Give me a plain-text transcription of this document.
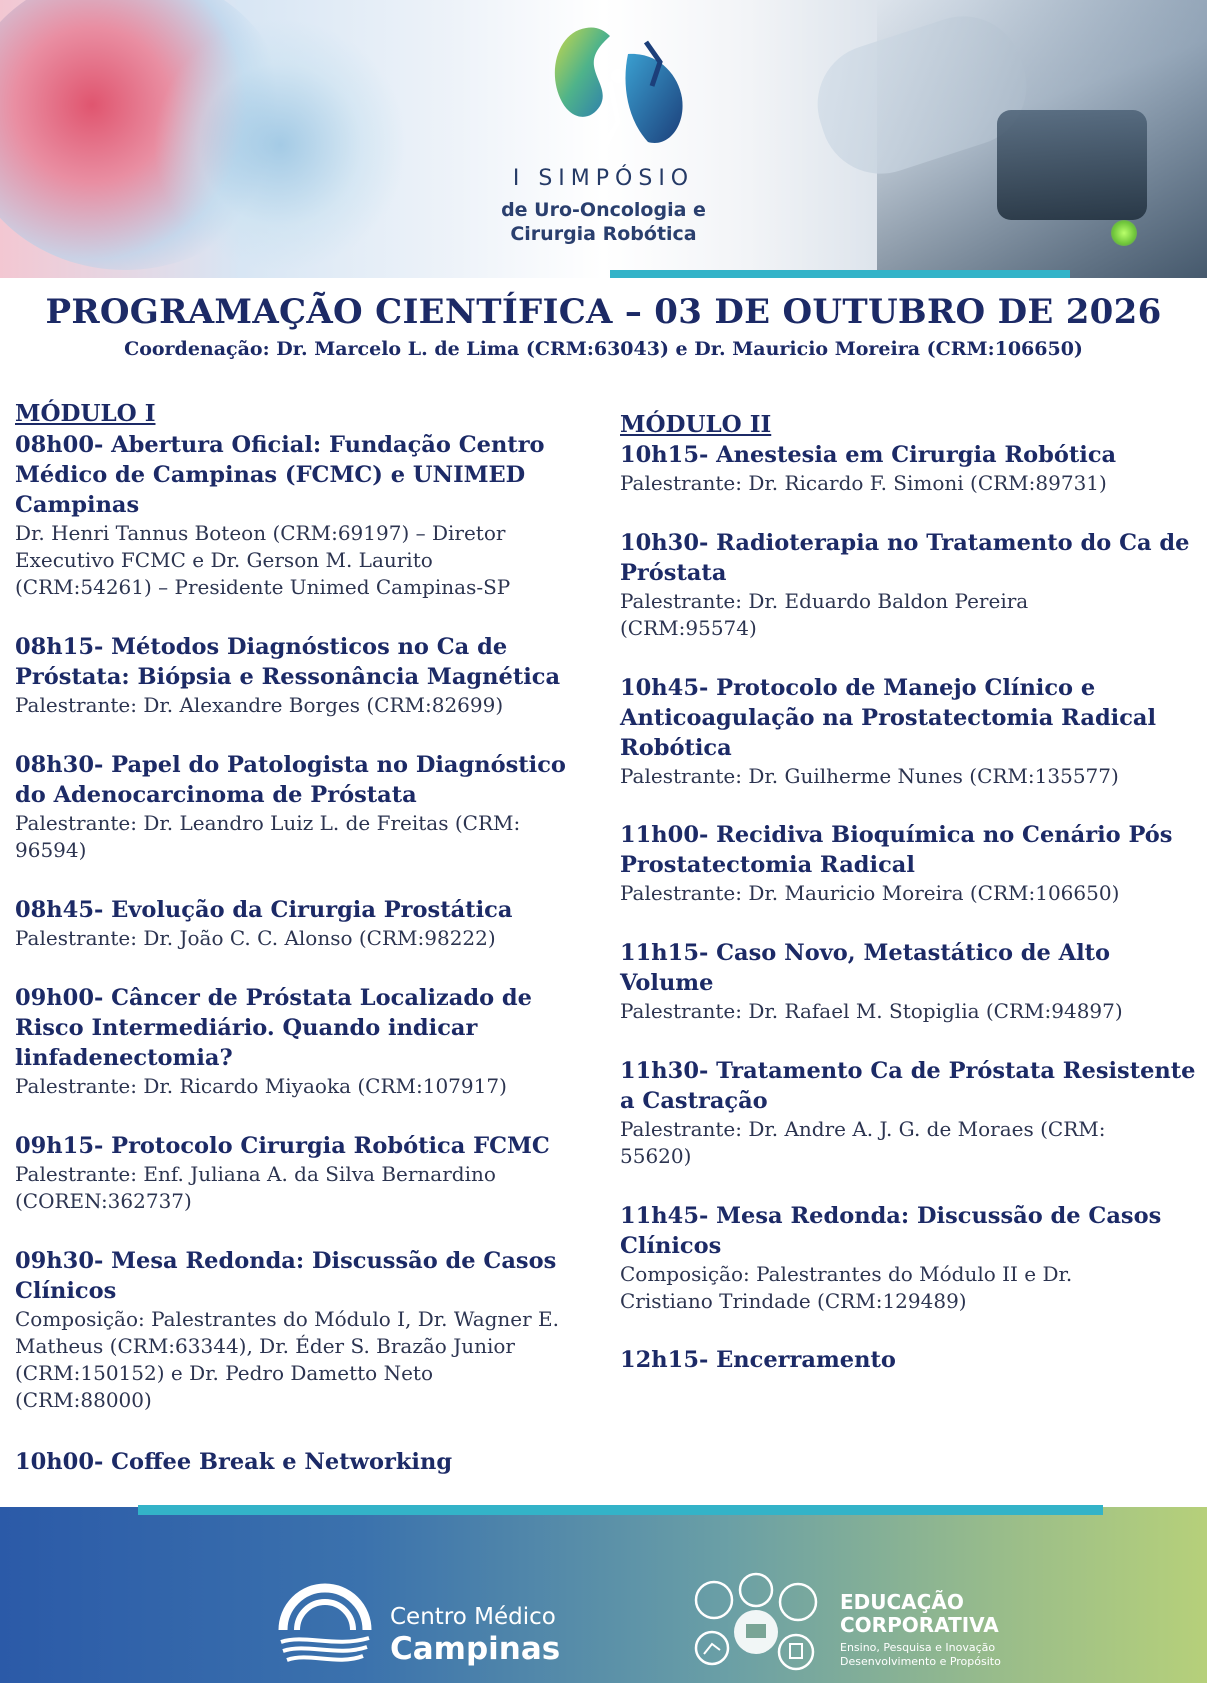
I SIMPÓSIO
de Uro-Oncologia e
Cirurgia Robótica
PROGRAMAÇÃO CIENTÍFICA – 03 DE OUTUBRO DE 2026
Coordenação: Dr. Marcelo L. de Lima (CRM:63043) e Dr. Mauricio Moreira (CRM:106650)
MÓDULO I
08h00- Abertura Oficial: Fundação Centro
Médico de Campinas (FCMC) e UNIMED
Campinas
Dr. Henri Tannus Boteon (CRM:69197) – Diretor
Executivo FCMC e Dr. Gerson M. Laurito
(CRM:54261) – Presidente Unimed Campinas-SP
08h15- Métodos Diagnósticos no Ca de
Próstata: Biópsia e Ressonância Magnética
Palestrante: Dr. Alexandre Borges (CRM:82699)
08h30- Papel do Patologista no Diagnóstico
do Adenocarcinoma de Próstata
Palestrante: Dr. Leandro Luiz L. de Freitas (CRM:
96594)
08h45- Evolução da Cirurgia Prostática
Palestrante: Dr. João C. C. Alonso (CRM:98222)
09h00- Câncer de Próstata Localizado de
Risco Intermediário. Quando indicar
linfadenectomia?
Palestrante: Dr. Ricardo Miyaoka (CRM:107917)
09h15- Protocolo Cirurgia Robótica FCMC
Palestrante: Enf. Juliana A. da Silva Bernardino
(COREN:362737)
09h30- Mesa Redonda: Discussão de Casos
Clínicos
Composição: Palestrantes do Módulo I, Dr. Wagner E.
Matheus (CRM:63344), Dr. Éder S. Brazão Junior
(CRM:150152) e Dr. Pedro Dametto Neto
(CRM:88000)
10h00- Coffee Break e Networking
MÓDULO II
10h15- Anestesia em Cirurgia Robótica
Palestrante: Dr. Ricardo F. Simoni (CRM:89731)
10h30- Radioterapia no Tratamento do Ca de
Próstata
Palestrante: Dr. Eduardo Baldon Pereira
(CRM:95574)
10h45- Protocolo de Manejo Clínico e
Anticoagulação na Prostatectomia Radical
Robótica
Palestrante: Dr. Guilherme Nunes (CRM:135577)
11h00- Recidiva Bioquímica no Cenário Pós
Prostatectomia Radical
Palestrante: Dr. Mauricio Moreira (CRM:106650)
11h15- Caso Novo, Metastático de Alto
Volume
Palestrante: Dr. Rafael M. Stopiglia (CRM:94897)
11h30- Tratamento Ca de Próstata Resistente
a Castração
Palestrante: Dr. Andre A. J. G. de Moraes (CRM:
55620)
11h45- Mesa Redonda: Discussão de Casos
Clínicos
Composição: Palestrantes do Módulo II e Dr.
Cristiano Trindade (CRM:129489)
12h15- Encerramento
Centro Médico
Campinas
EDUCAÇÃO
CORPORATIVA
Ensino, Pesquisa e Inovação
Desenvolvimento e Propósito
